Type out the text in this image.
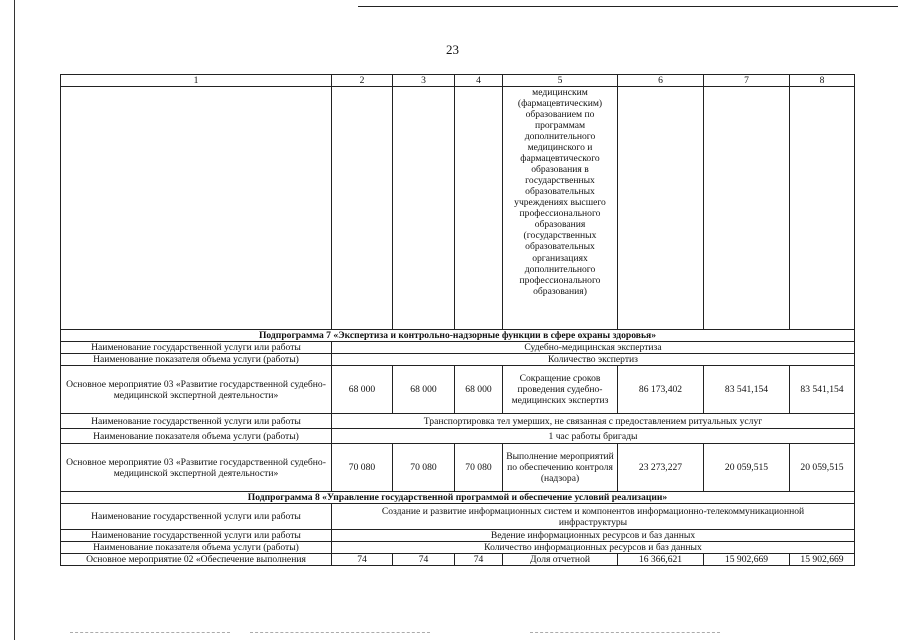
23
1	2	3	4	5	6	7	8
				медицинским (фармацевтическим) образованием по программам дополнительного медицинского и фармацевтического образования в государственных образовательных учреждениях высшего профессионального образования (государственных образовательных организациях дополнительного профессионального образования)			
Подпрограмма 7 «Экспертиза и контрольно-надзорные функции в сфере охраны здоровья»							
Наименование государственной услуги или работы	Судебно-медицинская экспертиза						
Наименование показателя объема услуги (работы)	Количество экспертиз						
Основное мероприятие 03 «Развитие государственной судебно-медицинской экспертной деятельности»	68 000	68 000	68 000	Сокращение сроков проведения судебно-медицинских экспертиз	86 173,402	83 541,154	83 541,154
Наименование государственной услуги или работы	Транспортировка тел умерших, не связанная с предоставлением ритуальных услуг						
Наименование показателя объема услуги (работы)	1 час работы бригады						
Основное мероприятие 03 «Развитие государственной судебно-медицинской экспертной деятельности»	70 080	70 080	70 080	Выполнение мероприятий по обеспечению контроля (надзора)	23 273,227	20 059,515	20 059,515
Подпрограмма 8 «Управление государственной программой и обеспечение условий реализации»							
Наименование государственной услуги или работы	Создание и развитие информационных систем и компонентов информационно-телекоммуникационной инфраструктуры						
Наименование государственной услуги или работы	Ведение информационных ресурсов и баз данных						
Наименование показателя объема услуги (работы)	Количество информационных ресурсов и баз данных						
Основное мероприятие 02 «Обеспечение выполнения	74	74	74	Доля отчетной	16 366,621	15 902,669	15 902,669
